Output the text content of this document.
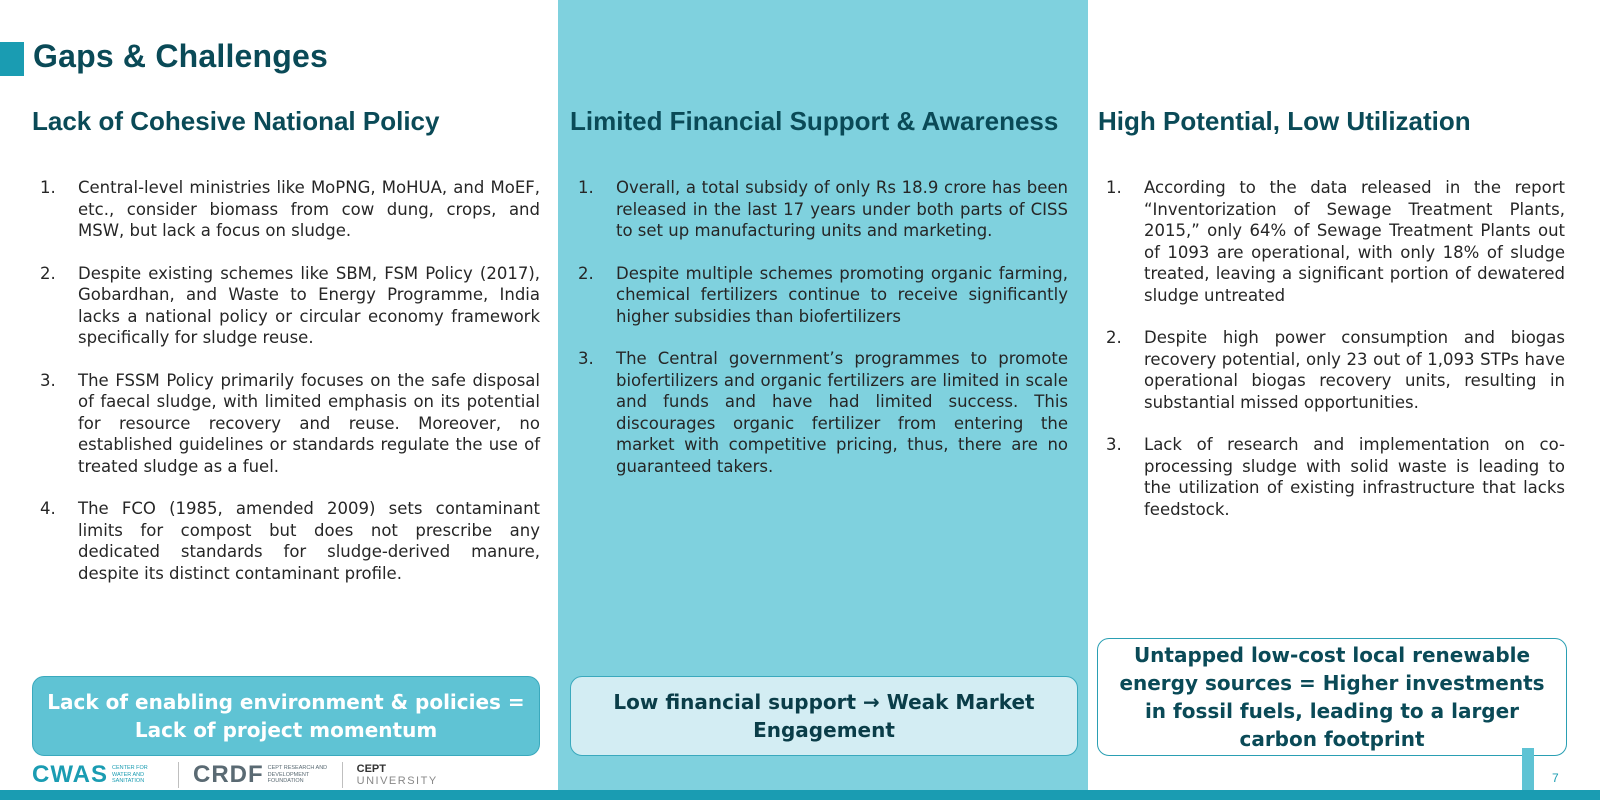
Gaps & Challenges
Lack of Cohesive National Policy	Limited Financial Support & Awareness	High Potential, Low Utilization
1.	Central-level ministries like MoPNG, MoHUA, and MoEF, etc., consider biomass from cow dung, crops, and MSW, but lack a focus on sludge.
2.	Despite existing schemes like SBM, FSM Policy (2017), Gobardhan, and Waste to Energy Programme, India lacks a national policy or circular economy framework specifically for sludge reuse.
3.	The FSSM Policy primarily focuses on the safe disposal of faecal sludge, with limited emphasis on its potential for resource recovery and reuse. Moreover, no established guidelines or standards regulate the use of treated sludge as a fuel.
4.	The FCO (1985, amended 2009) sets contaminant limits for compost but does not prescribe any dedicated standards for sludge-derived manure, despite its distinct contaminant profile.
1.	Overall, a total subsidy of only Rs 18.9 crore has been released in the last 17 years under both parts of CISS to set up manufacturing units and marketing.
2.	Despite multiple schemes promoting organic farming, chemical fertilizers continue to receive significantly higher subsidies than biofertilizers
3.	The Central government’s programmes to promote biofertilizers and organic fertilizers are limited in scale and funds and have had limited success. This discourages organic fertilizer from entering the market with competitive pricing, thus, there are no guaranteed takers.
1.	According to the data released in the report “Inventorization of Sewage Treatment Plants, 2015,” only 64% of Sewage Treatment Plants out of 1093 are operational, with only 18% of sludge treated, leaving a significant portion of dewatered sludge untreated
2.	Despite high power consumption and biogas recovery potential, only 23 out of 1,093 STPs have operational biogas recovery units, resulting in substantial missed opportunities.
3.	Lack of research and implementation on co-processing sludge with solid waste is leading to the utilization of existing infrastructure that lacks feedstock.
Lack of enabling environment & policies = Lack of project momentum
Low financial support → Weak Market Engagement
Untapped low-cost local renewable energy sources = Higher investments in fossil fuels, leading to a larger carbon footprint
CWAS CENTER FOR WATER AND SANITATION	CRDF CEPT RESEARCH AND DEVELOPMENT FOUNDATION
CEPT
UNIVERSITY	7
